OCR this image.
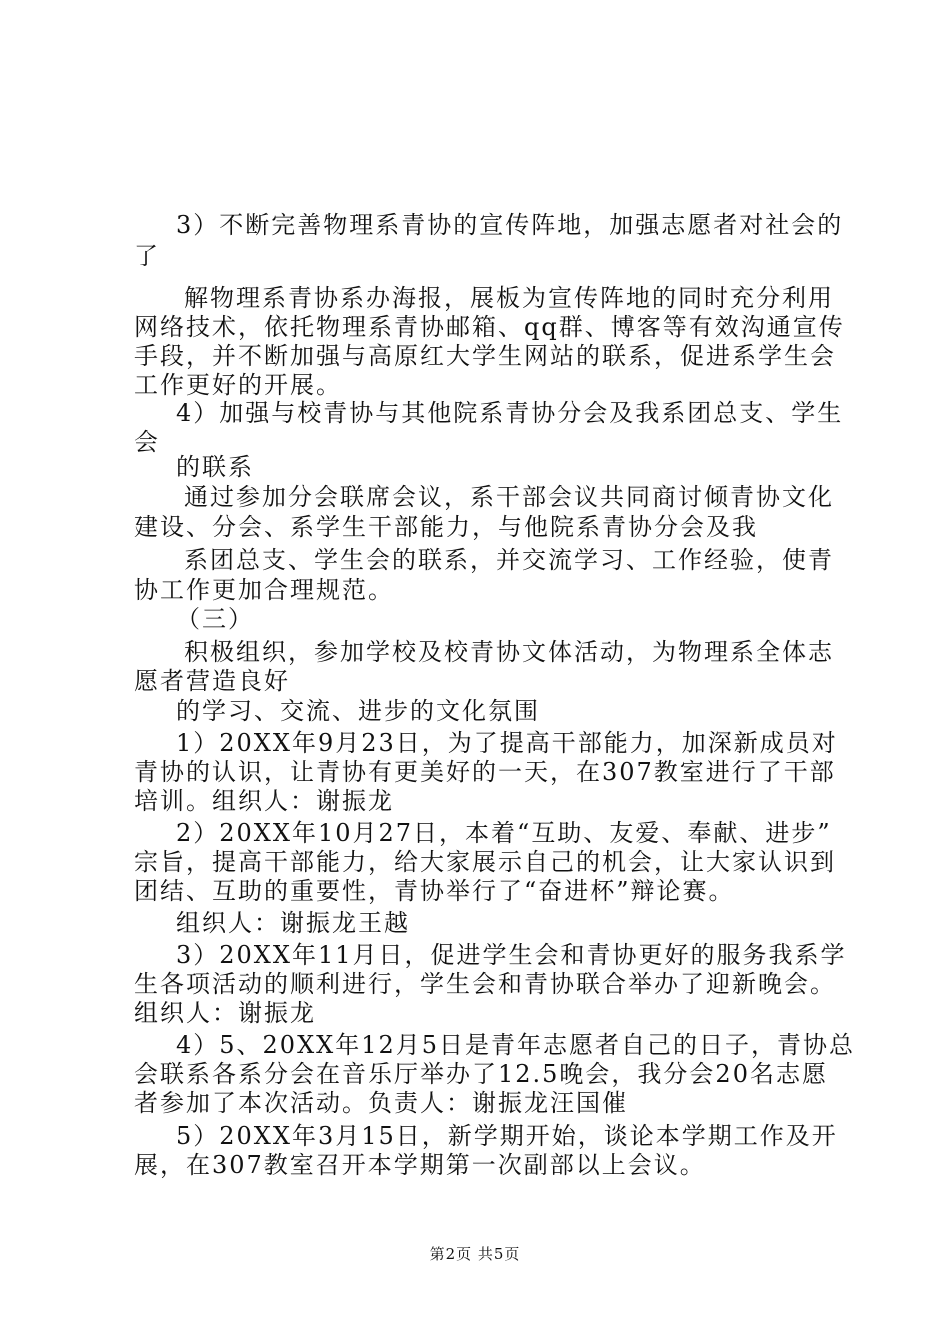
3）不断完善物理系青协的宣传阵地，加强志愿者对社会的
了
解物理系青协系办海报，展板为宣传阵地的同时充分利用
网络技术，依托物理系青协邮箱、qq群、博客等有效沟通宣传
手段，并不断加强与高原红大学生网站的联系，促进系学生会
工作更好的开展。
4）加强与校青协与其他院系青协分会及我系团总支、学生
会
的联系
通过参加分会联席会议，系干部会议共同商讨倾青协文化
建设、分会、系学生干部能力，与他院系青协分会及我
系团总支、学生会的联系，并交流学习、工作经验，使青
协工作更加合理规范。
（三）
积极组织，参加学校及校青协文体活动，为物理系全体志
愿者营造良好
的学习、交流、进步的文化氛围
1）20XX年9月23日，为了提高干部能力，加深新成员对
青协的认识，让青协有更美好的一天，在307教室进行了干部
培训。组织人：谢振龙
2）20XX年10月27日，本着“互助、友爱、奉献、进步”
宗旨，提高干部能力，给大家展示自己的机会，让大家认识到
团结、互助的重要性，青协举行了“奋进杯”辩论赛。
组织人：谢振龙王越
3）20XX年11月日，促进学生会和青协更好的服务我系学
生各项活动的顺利进行，学生会和青协联合举办了迎新晚会。
组织人：谢振龙
4）5、20XX年12月5日是青年志愿者自己的日子，青协总
会联系各系分会在音乐厅举办了12.5晚会，我分会20名志愿
者参加了本次活动。负责人：谢振龙汪国催
5）20XX年3月15日，新学期开始，谈论本学期工作及开
展，在307教室召开本学期第一次副部以上会议。
第2页 共5页
